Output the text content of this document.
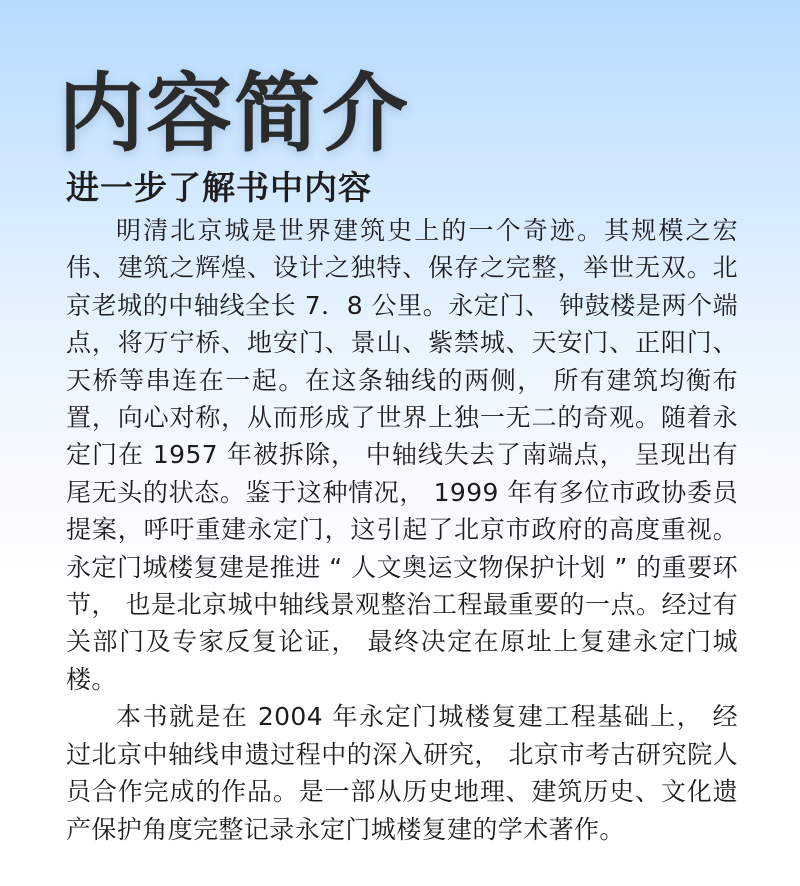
内容简介
进一步了解书中内容

明清北京城是世界建筑史上的一个奇迹。其规模之宏伟、建筑之辉煌、设计之独特、保存之完整，举世无双。北京老城的中轴线全长 7．8 公里。永定门、 钟鼓楼是两个端点，将万宁桥、地安门、景山、紫禁城、天安门、正阳门、天桥等串连在一起。在这条轴线的两侧， 所有建筑均衡布置，向心对称，从而形成了世界上独一无二的奇观。随着永定门在 1957 年被拆除， 中轴线失去了南端点， 呈现出有尾无头的状态。鉴于这种情况， 1999 年有多位市政协委员提案，呼吁重建永定门，这引起了北京市政府的高度重视。永定门城楼复建是推进 “ 人文奥运文物保护计划 ” 的重要环节， 也是北京城中轴线景观整治工程最重要的一点。经过有关部门及专家反复论证， 最终决定在原址上复建永定门城楼。

本书就是在 2004 年永定门城楼复建工程基础上， 经过北京中轴线申遗过程中的深入研究， 北京市考古研究院人员合作完成的作品。是一部从历史地理、建筑历史、文化遗产保护角度完整记录永定门城楼复建的学术著作。
